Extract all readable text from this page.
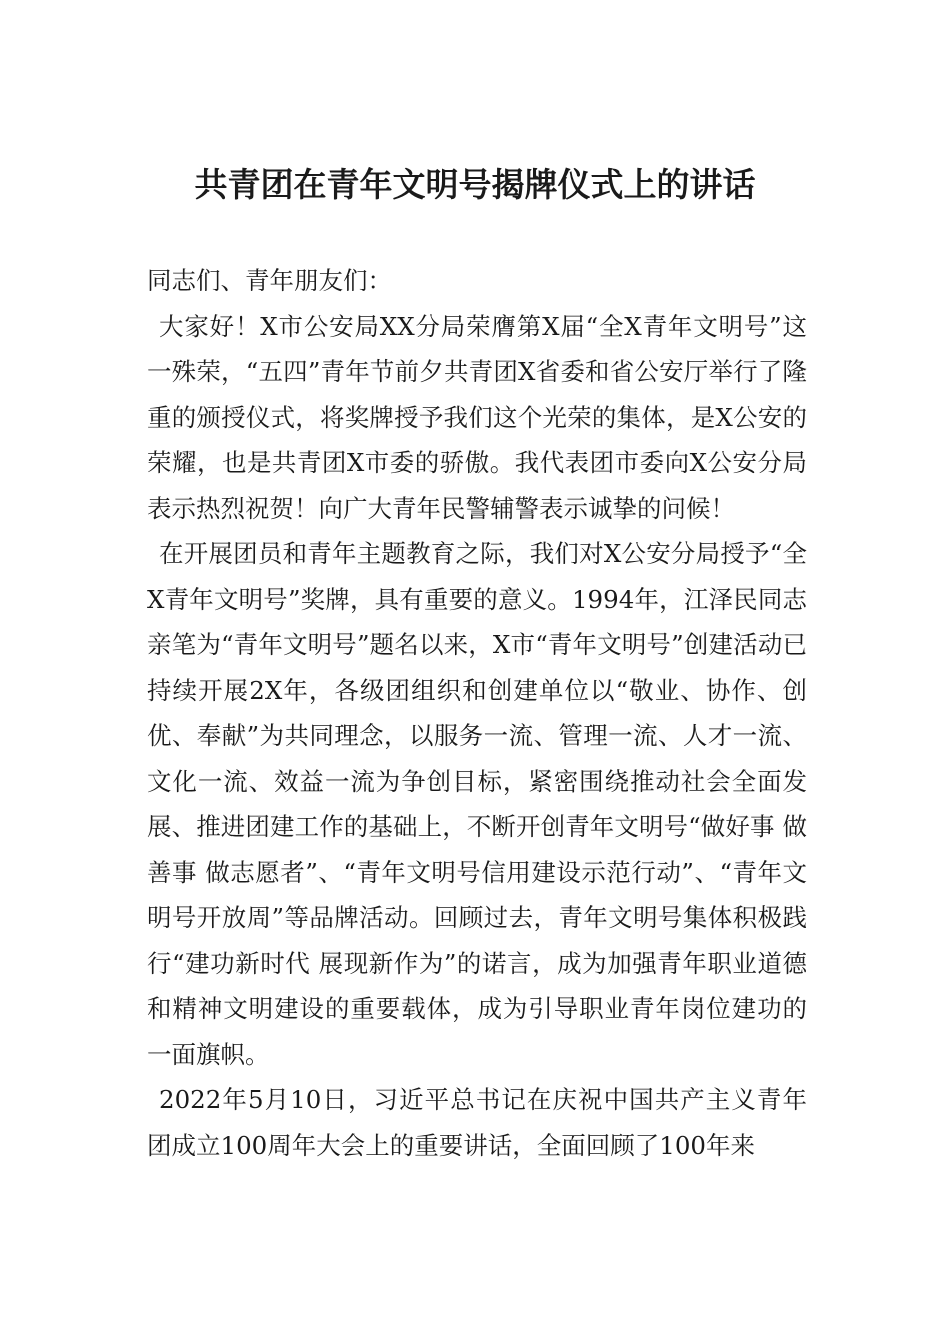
共青团在青年文明号揭牌仪式上的讲话

同志们、青年朋友们：

大家好！X市公安局XX分局荣膺第X届“全X青年文明号”这一殊荣，“五四”青年节前夕共青团X省委和省公安厅举行了隆重的颁授仪式，将奖牌授予我们这个光荣的集体，是X公安的荣耀，也是共青团X市委的骄傲。我代表团市委向X公安分局表示热烈祝贺！向广大青年民警辅警表示诚挚的问候！

在开展团员和青年主题教育之际，我们对X公安分局授予“全X青年文明号”奖牌，具有重要的意义。1994年，江泽民同志亲笔为“青年文明号”题名以来，X市“青年文明号”创建活动已持续开展2X年，各级团组织和创建单位以“敬业、协作、创优、奉献”为共同理念，以服务一流、管理一流、人才一流、文化一流、效益一流为争创目标，紧密围绕推动社会全面发展、推进团建工作的基础上，不断开创青年文明号“做好事 做善事 做志愿者”、“青年文明号信用建设示范行动”、“青年文明号开放周”等品牌活动。回顾过去，青年文明号集体积极践行“建功新时代 展现新作为”的诺言，成为加强青年职业道德和精神文明建设的重要载体，成为引导职业青年岗位建功的一面旗帜。

2022年5月10日，习近平总书记在庆祝中国共产主义青年团成立100周年大会上的重要讲话，全面回顾了100年来
